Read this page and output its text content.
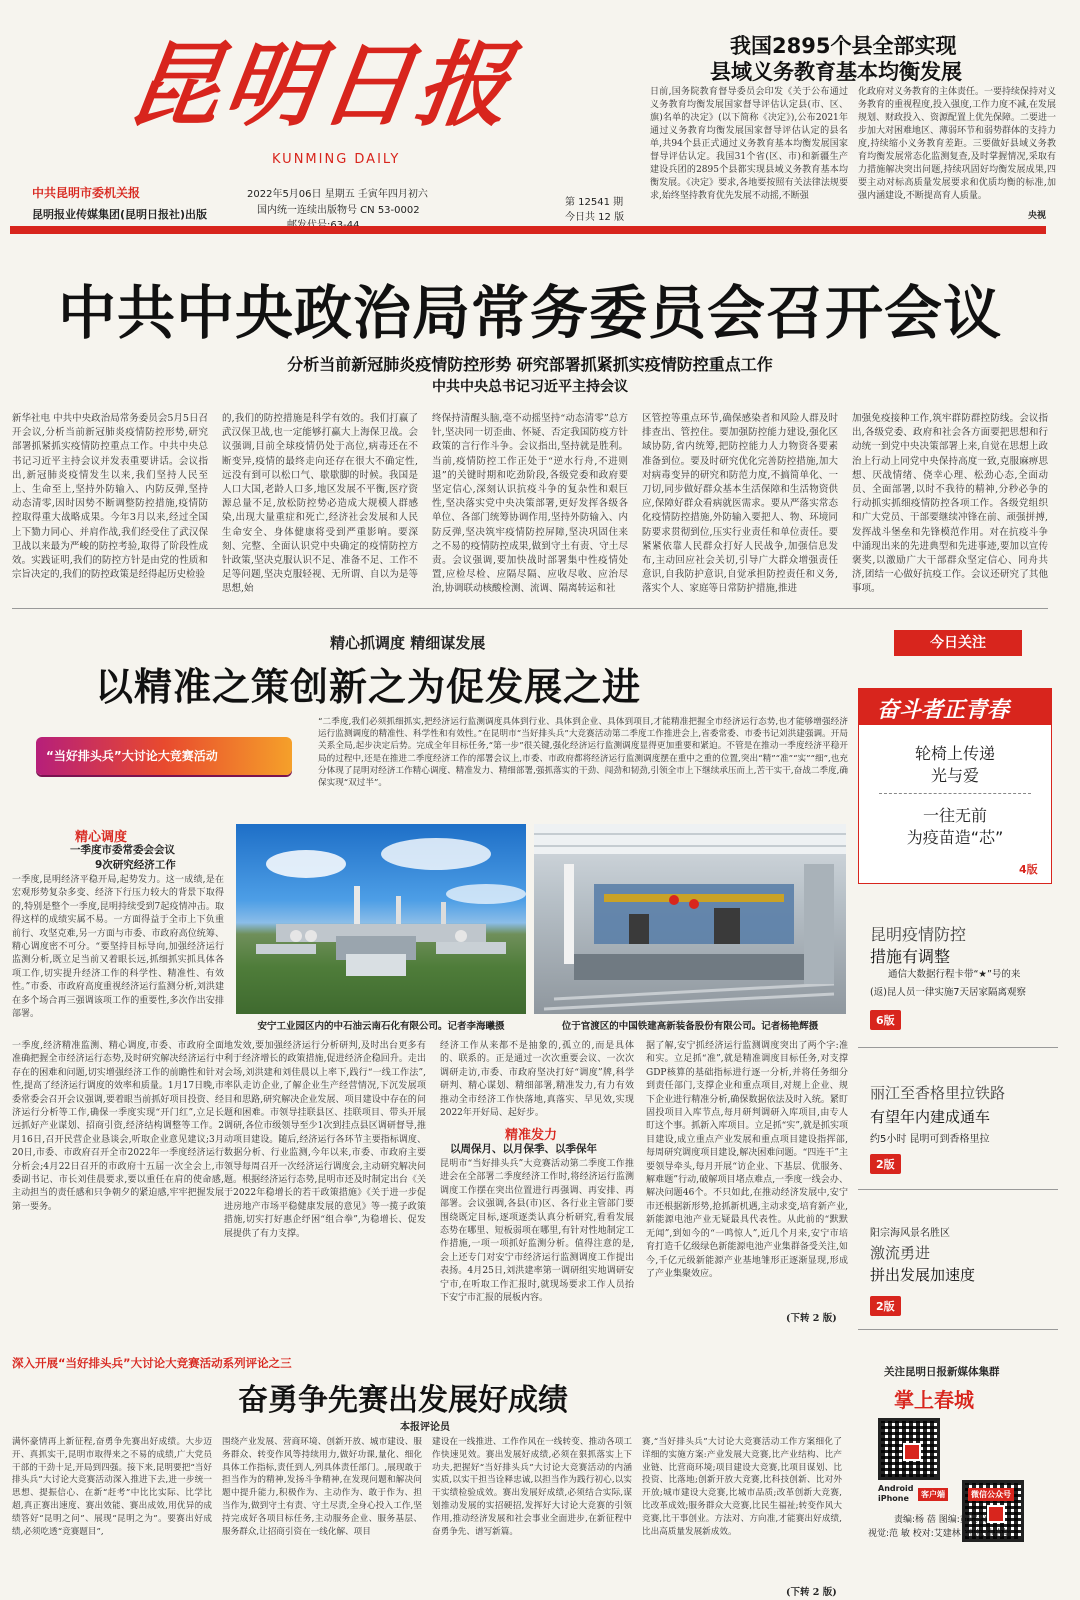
昆明日报
KUNMING DAILY
中共昆明市委机关报
昆明报业传媒集团(昆明日报社)出版
2022年5月06日 星期五 壬寅年四月初六
国内统一连续出版物号 CN 53-0002
第 12541 期
今日共 12 版
我国2895个县全部实现
县域义务教育基本均衡发展
日前,国务院教育督导委员会印发《关于公布通过义务教育均衡发展国家督导评估认定县(市、区、旗)名单的决定》(以下简称《决定》),公布2021年通过义务教育均衡发展国家督导评估认定的县名单,共94个县正式通过义务教育基本均衡发展国家督导评估认定。我国31个省(区、市)和新疆生产建设兵团的2895个县都实现县域义务教育基本均衡发展。《决定》要求,各地要按照有关法律法规要求,始终坚持教育优先发展不动摇,不断强
化政府对义务教育的主体责任。一要持续保持对义务教育的重视程度,投入强度,工作力度不减,在发展规划、财政投入、资源配置上优先保障。二要进一步加大对困难地区、薄弱环节和弱势群体的支持力度,持续缩小义务教育差距。三要做好县域义务教育均衡发展常态化监测复查,及时掌握情况,采取有力措施解决突出问题,持续巩固好均衡发展成果,四要主动对标高质量发展要求和优质均衡的标准,加强内涵建设,不断提高育人质量。
央视
中共中央政治局常务委员会召开会议
分析当前新冠肺炎疫情防控形势 研究部署抓紧抓实疫情防控重点工作
中共中央总书记习近平主持会议
新华社电 中共中央政治局常务委员会5月5日召开会议,分析当前新冠肺炎疫情防控形势,研究部署抓紧抓实疫情防控重点工作。中共中央总书记习近平主持会议并发表重要讲话。会议指出,新冠肺炎疫情发生以来,我们坚持人民至上、生命至上,坚持外防输入、内防反弹,坚持动态清零,因时因势不断调整防控措施,疫情防控取得重大战略成果。今年3月以来,经过全国上下勠力同心、并肩作战,我们经受住了武汉保卫战以来最为严峻的防控考验,取得了阶段性成效。实践证明,我们的防控方针是由党的性质和宗旨决定的,我们的防控政策是经得起历史检验
的,我们的防控措施是科学有效的。我们打赢了武汉保卫战,也一定能够打赢大上海保卫战。会议强调,目前全球疫情仍处于高位,病毒还在不断变异,疫情的最终走向还存在很大不确定性,远没有到可以松口气、歇歇脚的时候。我国是人口大国,老龄人口多,地区发展不平衡,医疗资源总量不足,放松防控势必造成大规模人群感染,出现大量重症和死亡,经济社会发展和人民生命安全、身体健康将受到严重影响。要深刻、完整、全面认识党中央确定的疫情防控方针政策,坚决克服认识不足、准备不足、工作不足等问题,坚决克服轻视、无所谓、自以为是等思想,始
终保持清醒头脑,毫不动摇坚持“动态清零”总方针,坚决同一切歪曲、怀疑、否定我国防疫方针政策的言行作斗争。会议指出,坚持就是胜利。当前,疫情防控工作正处于“逆水行舟,不进则退”的关键时期和吃劲阶段,各级党委和政府要坚定信心,深刻认识抗疫斗争的复杂性和艰巨性,坚决落实党中央决策部署,更好发挥各级各单位、各部门统筹协调作用,坚持外防输入、内防反弹,坚决筑牢疫情防控屏障,坚决巩固住来之不易的疫情防控成果,做到守土有责、守土尽责。会议强调,要加快战时部署集中性疫情处置,应检尽检、应隔尽隔、应收尽收、应治尽治,协调联动核酸检测、流调、隔离转运和社
区管控等重点环节,确保感染者和风险人群及时排查出、管控住。要加强防控能力建设,强化区域协防,省内统筹,把防控能力人力物资各要素准备到位。要及时研究优化完善防控措施,加大对病毒变异的研究和防范力度,不搞简单化、一刀切,同步做好群众基本生活保障和生活物资供应,保障好群众看病就医需求。要从严落实常态化疫情防控措施,外防输入要把人、物、环境同防要求贯彻到位,压实行业责任和单位责任。要紧紧依靠人民群众打好人民战争,加强信息发布,主动回应社会关切,引导广大群众增强责任意识,自我防护意识,自觉承担防控责任和义务,落实个人、家庭等日常防护措施,推进
加强免疫接种工作,筑牢群防群控防线。会议指出,各级党委、政府和社会各方面要把思想和行动统一到党中央决策部署上来,自觉在思想上政治上行动上同党中央保持高度一致,克服麻痹思想、厌战情绪、侥幸心理、松劲心态,全面动员、全面部署,以时不我待的精神,分秒必争的行动抓实抓细疫情防控各项工作。各级党组织和广大党员、干部要继续冲锋在前、顽强拼搏,发挥战斗堡垒和先锋模范作用。对在抗疫斗争中涌现出来的先进典型和先进事迹,要加以宣传褒奖,以激励广大干部群众坚定信心、同舟共济,团结一心做好抗疫工作。会议还研究了其他事项。
精心抓调度 精细谋发展
以精准之策创新之为促发展之进
“当好排头兵”大讨论大竞赛活动
“二季度,我们必须抓细抓实,把经济运行监测调度具体到行业、具体到企业、具体到项目,才能精准把握全市经济运行态势,也才能够增强经济运行监测调度的精准性、科学性和有效性。”在昆明市“当好排头兵”大竞赛活动第二季度工作推进会上,省委常委、市委书记刘洪建强调。开局关系全局,起步决定后势。完成全年目标任务,“第一步”很关键,强化经济运行监测调度显得更加重要和紧迫。不管是在推动一季度经济平稳开局的过程中,还是在推进二季度经济工作的部署会议上,市委、市政府都将经济运行监测调度摆在重中之重的位置,突出“精”“准”“实”“细”,也充分体现了昆明对经济工作精心调度、精准发力、精细部署,强抓落实的干劲、闯劲和韧劲,引领全市上下继续承压而上,苦干实干,奋战二季度,确保实现“双过半”。
精心调度
一季度市委常委会会议
9次研究经济工作
一季度,昆明经济平稳开局,起势发力。这一成绩,是在宏观形势复杂多变、经济下行压力较大的背景下取得的,特别是整个一季度,昆明持续受到7起疫情冲击。取得这样的成绩实属不易。一方面得益于全市上下负重前行、攻坚克难,另一方面与市委、市政府高位统筹、精心调度密不可分。“要坚持目标导向,加强经济运行监测分析,既立足当前又着眼长远,抓细抓实抓具体各项工作,切实提升经济工作的科学性、精准性、有效性。”市委、市政府高度重视经济运行监测分析,刘洪建在多个场合再三强调该项工作的重要性,多次作出安排部署。
安宁工业园区内的中石油云南石化有限公司。记者李海曦摄	位于官渡区的中国铁建高新装备股份有限公司。记者杨艳辉摄
一季度,经济精准监测、精心调度,市委、市政府全面准确把握全市经济运行态势,及时研究解决经济运行中存在的困难和问题,切实增强经济工作的前瞻性和针对性,提高了经济运行调度的效率和质量。1月17日晚,市委常委会召开会议强调,要着眼当前抓好项目投资、经济运行分析等工作,确保一季度实现“开门红”,立足长远抓好产业谋划、招商引资,经济结构调整等工作。2月16日,召开民营企业恳谈会,听取企业意见建议;3月20日,市委、市政府召开全市2022年一季度经济运行分析会;4月22日召开的市政府十五届一次全会上,市委副书记、市长刘佳晨要求,要以重任在肩的使命感,主动担当的责任感和只争朝夕的紧迫感,牢牢把握发展第一要务。
地发效,要加强经济运行分析研判,及时出台更多有利于经济增长的政策措施,促进经济企稳回升。走出会场,刘洪建和刘佳晨以上率下,践行“一线工作法”,率队走访企业,了解企业生产经营情况,下沉发展项目和思路,研究解决企业发展、项目建设中存在的问题和困难。市领导挂联县区、挂联项目、带头开展调研,各位市级领导至少1次到挂点县区调研督导,推动项目建设。随后,经济运行各环节主要指标调度、数据分析、行业监测,今年以来,市委、市政府主要领导每周召开一次经济运行调度会,主动研究解决问题。根据经济运行态势,昆明市还及时制定出台《关于2022年稳增长的若干政策措施》《关于进一步促进房地产市场平稳健康发展的意见》等一揽子政策措施,切实打好惠企纾困“组合拳”,为稳增长、促发展提供了有力支撑。
经济工作从来都不是抽象的,孤立的,而是具体的、联系的。正是通过一次次重要会议、一次次调研走访,市委、市政府坚决打好“调度”牌,科学研判、精心谋划、精细部署,精准发力,有力有效推动全市经济工作快落地,真落实、早见效,实现2022年开好局、起好步。
精准发力
以周保月、以月保季、以季保年
昆明市“当好排头兵”大竞赛活动第二季度工作推进会在全部署二季度经济工作时,将经济运行监测调度工作摆在突出位置进行再强调、再安排、再部署。会议强调,各县(市)区、各行业主管部门要围绕既定目标,逐项逐类认真分析研究,看看发展态势在哪里、短板弱项在哪里,有针对性地制定工作措施,一项一项抓好监测分析。值得注意的是,会上还专门对安宁市经济运行监测调度工作提出表扬。4月25日,刘洪建率第一调研组实地调研安宁市,在听取工作汇报时,就现场要求工作人员抬下安宁市汇报的展板内容。
据了解,安宁抓经济运行监测调度突出了两个字:准和实。立足抓“准”,就是精准调度目标任务,对支撑GDP核算的基础指标进行逐一分析,并将任务细分到责任部门,支撑企业和重点项目,对规上企业、规下企业进行精准分析,确保数据依法及时入统。紧盯固投项目入库节点,每月研判调研入库项目,由专人盯这个事。抓新入库项目。立足抓“实”,就是抓实项目建设,成立重点产业发展和重点项目建设指挥部,每周研究调度项目建设,解决困难问题。“四连干”主要领导牵头,每月开展“访企业、下基层、优服务、解难题”行动,破解项目堵点难点,一季度一线会办、解决问题46个。不只如此,在推动经济发展中,安宁市还根据新形势,抢抓新机遇,主动求变,培育新产业,新能源电池产业无疑最具代表性。从此前的“默默无闻”,到如今的“一鸣惊人”,近几个月来,安宁市培育打造千亿级绿色新能源电池产业集群备受关注,如今,千亿元级新能源产业基地雏形正逐渐显现,形成了产业集聚效应。
(下转 2 版)
深入开展“当好排头兵”大讨论大竞赛活动系列评论之三
奋勇争先赛出发展好成绩
本报评论员
满怀豪情再上新征程,奋勇争先赛出好成绩。大步迈开、真抓实干,昆明市取得来之不易的成绩,广大党员干部的干劲十足,开局到四强。接下来,昆明要把“当好排头兵”大讨论大竞赛活动深入推进下去,进一步统一思想、提振信心、在新“赶考”中比比实际、比学比超,真正赛出速度、赛出效能、赛出成效,用优异的成绩答好“昆明之问”、展现“昆明之为”。要赛出好成绩,必须吃透“竞赛题目”,
围绕产业发展、营商环境、创新开放、城市建设、服务群众、转变作风等持续用力,做好功课,量化、细化具体工作指标,责任到人,列具体责任部门。,展现敢于担当作为的精神,发扬斗争精神,在发现问题和解决问题中提升能力,积极作为、主动作为、敢于作为、担当作为,做到守土有责、守土尽责,全身心投入工作,坚持完成好各项目标任务,主动服务企业、服务基层、服务群众,让招商引资在一线化解、项目
建设在一线推进、工作作风在一线转变、推动各项工作快速见效。赛出发展好成绩,必须在狠抓落实上下功夫,把握好“当好排头兵”大讨论大竞赛活动的内涵实质,以实干担当诠释忠诚,以担当作为践行初心,以实干实绩检验成效。赛出发展好成绩,必须结合实际,谋划推动发展的实招硬招,发挥好大讨论大竞赛的引领作用,推动经济发展和社会事业全面进步,在新征程中奋勇争先、谱写新篇。
赛,“当好排头兵”大讨论大竞赛活动工作方案细化了详细的实施方案:产业发展大竞赛,比产业结构、比产业链、比营商环境;项目建设大竞赛,比项目谋划、比投资、比落地;创新开放大竞赛,比科技创新、比对外开放;城市建设大竞赛,比城市品质;改革创新大竞赛,比改革成效;服务群众大竞赛,比民生福祉;转变作风大竞赛,比干事创业。方法对、方向准,才能赛出好成绩,比出高质量发展新成效。
(下转 2 版)
今日关注
奋斗者正青春
轮椅上传递
光与爱
一往无前
为疫苗造“芯”
4版
昆明疫情防控
措施有调整
通信大数据行程卡带“★”号的来
(返)昆人员一律实施7天居家隔离观察
6版
丽江至香格里拉铁路
有望年内建成通车
约5小时 昆明可到香格里拉
2版
阳宗海风景名胜区
激流勇进
拼出发展加速度
2版
关注昆明日报新媒体集群
掌上春城
Android
iPhone	客户端	微信公众号
责编:杨 蓓 图编:黄晓松
视觉:范 敏 校对:艾建林 组版:林艳敏
